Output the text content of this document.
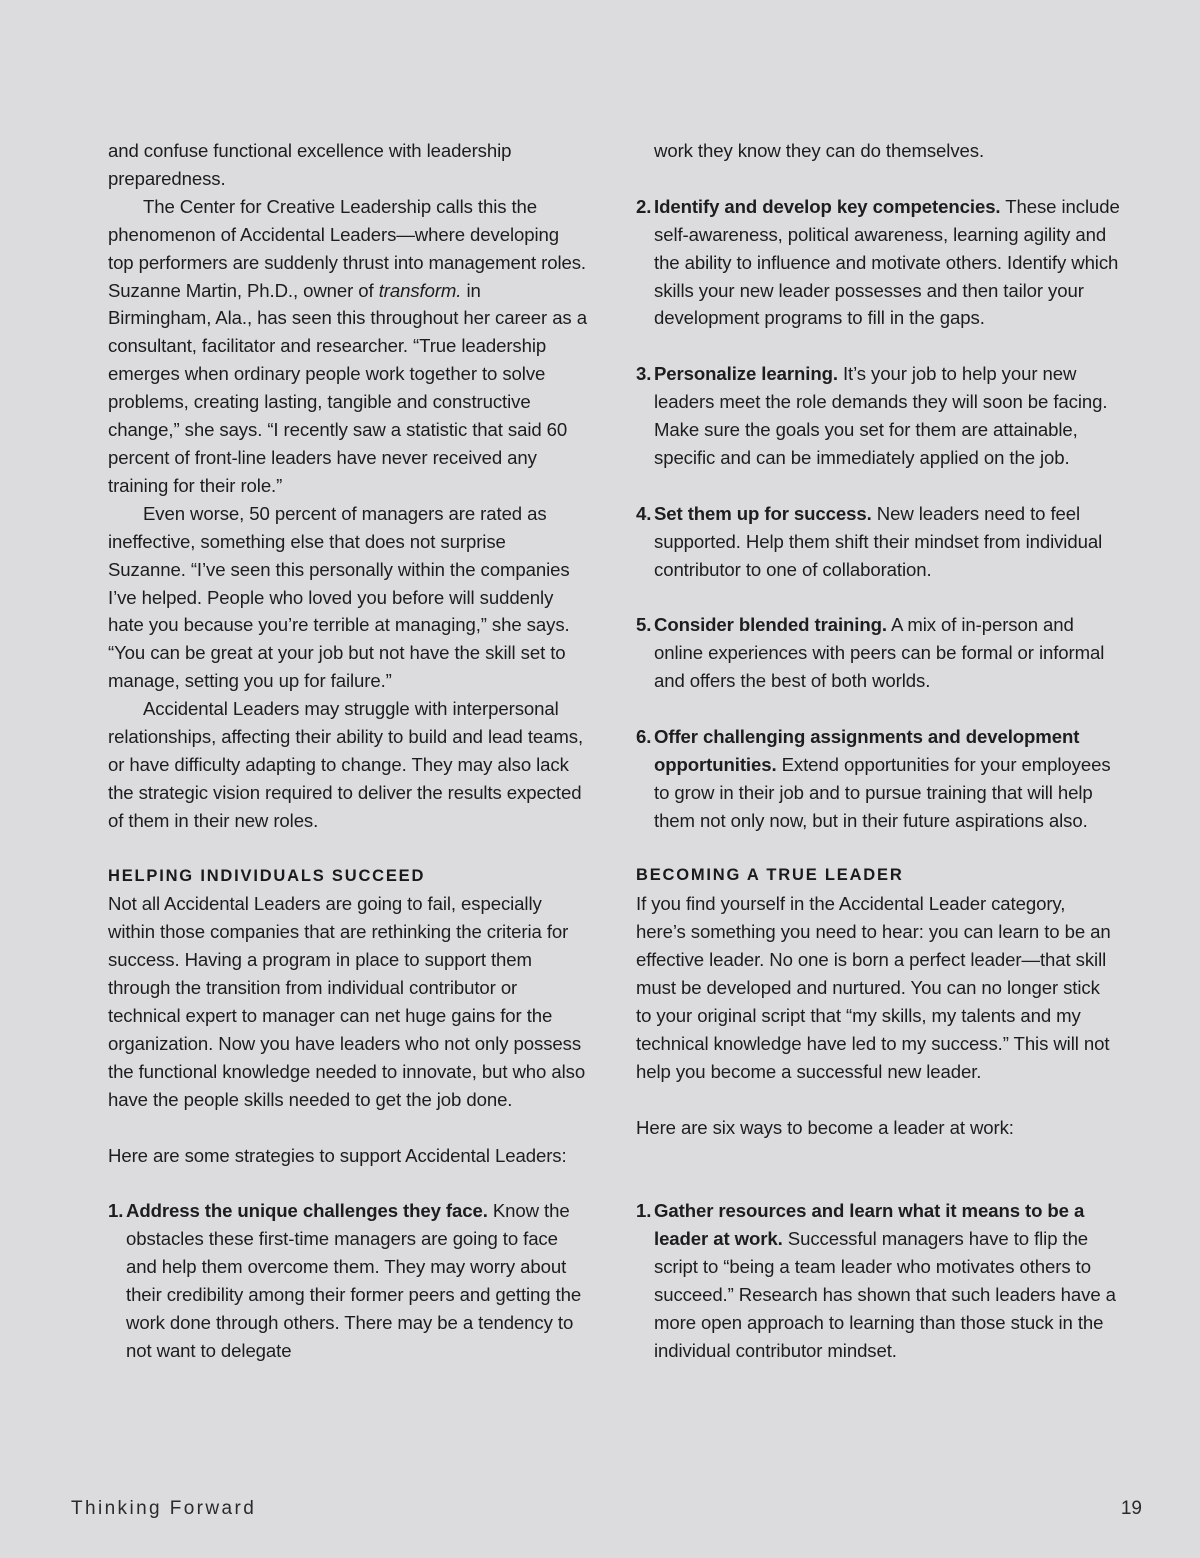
and confuse functional excellence with leadership preparedness.

The Center for Creative Leadership calls this the phenomenon of Accidental Leaders—where developing top performers are suddenly thrust into management roles. Suzanne Martin, Ph.D., owner of transform. in Birmingham, Ala., has seen this throughout her career as a consultant, facilitator and researcher. “True leadership emerges when ordinary people work together to solve problems, creating lasting, tangible and constructive change,” she says. “I recently saw a statistic that said 60 percent of front-line leaders have never received any training for their role.”

Even worse, 50 percent of managers are rated as ineffective, something else that does not surprise Suzanne. “I’ve seen this personally within the companies I’ve helped. People who loved you before will suddenly hate you because you’re terrible at managing,” she says. “You can be great at your job but not have the skill set to manage, setting you up for failure.”

Accidental Leaders may struggle with interpersonal relationships, affecting their ability to build and lead teams, or have difficulty adapting to change. They may also lack the strategic vision required to deliver the results expected of them in their new roles.

HELPING INDIVIDUALS SUCCEED

Not all Accidental Leaders are going to fail, especially within those companies that are rethinking the criteria for success. Having a program in place to support them through the transition from individual contributor or technical expert to manager can net huge gains for the organization. Now you have leaders who not only possess the functional knowledge needed to innovate, but who also have the people skills needed to get the job done.

Here are some strategies to support Accidental Leaders:

1. Address the unique challenges they face. Know the obstacles these first-time managers are going to face and help them overcome them. They may worry about their credibility among their former peers and getting the work done through others. There may be a tendency to not want to delegate

work they know they can do themselves.

2. Identify and develop key competencies. These include self-awareness, political awareness, learning agility and the ability to influence and motivate others. Identify which skills your new leader possesses and then tailor your development programs to fill in the gaps.
3. Personalize learning. It’s your job to help your new leaders meet the role demands they will soon be facing. Make sure the goals you set for them are attainable, specific and can be immediately applied on the job.
4. Set them up for success. New leaders need to feel supported. Help them shift their mindset from individual contributor to one of collaboration.
5. Consider blended training. A mix of in-person and online experiences with peers can be formal or informal and offers the best of both worlds.
6. Offer challenging assignments and development opportunities. Extend opportunities for your employees to grow in their job and to pursue training that will help them not only now, but in their future aspirations also.
BECOMING A TRUE LEADER

If you find yourself in the Accidental Leader category, here’s something you need to hear: you can learn to be an effective leader. No one is born a perfect leader—that skill must be developed and nurtured. You can no longer stick to your original script that “my skills, my talents and my technical knowledge have led to my success.” This will not help you become a successful new leader.

Here are six ways to become a leader at work:

1. Gather resources and learn what it means to be a leader at work. Successful managers have to flip the script to “being a team leader who motivates others to succeed.” Research has shown that such leaders have a more open approach to learning than those stuck in the individual contributor mindset.
Thinking Forward	19
